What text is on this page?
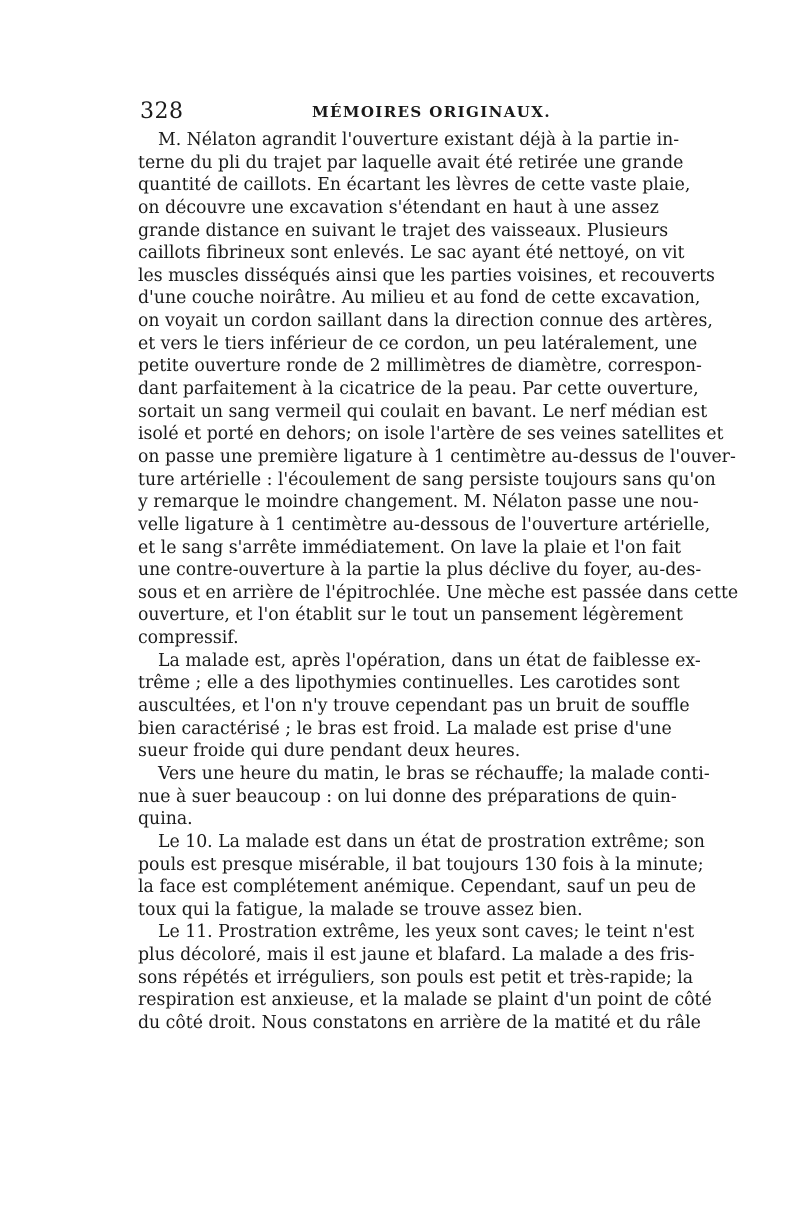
328	MÉMOIRES ORIGINAUX.
M. Nélaton agrandit l'ouverture existant déjà à la partie in-
terne du pli du trajet par laquelle avait été retirée une grande
quantité de caillots. En écartant les lèvres de cette vaste plaie,
on découvre une excavation s'étendant en haut à une assez
grande distance en suivant le trajet des vaisseaux. Plusieurs
caillots fibrineux sont enlevés. Le sac ayant été nettoyé, on vit
les muscles disséqués ainsi que les parties voisines, et recouverts
d'une couche noirâtre. Au milieu et au fond de cette excavation,
on voyait un cordon saillant dans la direction connue des artères,
et vers le tiers inférieur de ce cordon, un peu latéralement, une
petite ouverture ronde de 2 millimètres de diamètre, correspon-
dant parfaitement à la cicatrice de la peau. Par cette ouverture,
sortait un sang vermeil qui coulait en bavant. Le nerf médian est
isolé et porté en dehors; on isole l'artère de ses veines satellites et
on passe une première ligature à 1 centimètre au-dessus de l'ouver-
ture artérielle : l'écoulement de sang persiste toujours sans qu'on
y remarque le moindre changement. M. Nélaton passe une nou-
velle ligature à 1 centimètre au-dessous de l'ouverture artérielle,
et le sang s'arrête immédiatement. On lave la plaie et l'on fait
une contre-ouverture à la partie la plus déclive du foyer, au-des-
sous et en arrière de l'épitrochlée. Une mèche est passée dans cette
ouverture, et l'on établit sur le tout un pansement légèrement
compressif.
La malade est, après l'opération, dans un état de faiblesse ex-
trême ; elle a des lipothymies continuelles. Les carotides sont
auscultées, et l'on n'y trouve cependant pas un bruit de souffle
bien caractérisé ; le bras est froid. La malade est prise d'une
sueur froide qui dure pendant deux heures.
Vers une heure du matin, le bras se réchauffe; la malade conti-
nue à suer beaucoup : on lui donne des préparations de quin-
quina.
Le 10. La malade est dans un état de prostration extrême; son
pouls est presque misérable, il bat toujours 130 fois à la minute;
la face est complétement anémique. Cependant, sauf un peu de
toux qui la fatigue, la malade se trouve assez bien.
Le 11. Prostration extrême, les yeux sont caves; le teint n'est
plus décoloré, mais il est jaune et blafard. La malade a des fris-
sons répétés et irréguliers, son pouls est petit et très-rapide; la
respiration est anxieuse, et la malade se plaint d'un point de côté
du côté droit. Nous constatons en arrière de la matité et du râle
